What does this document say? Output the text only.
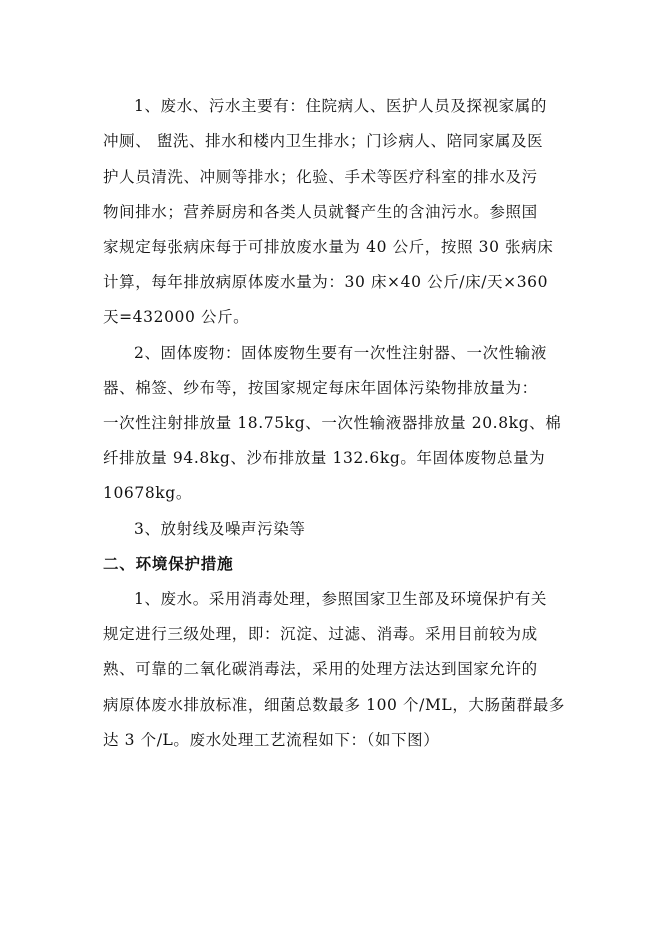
1、废水、污水主要有：住院病人、医护人员及探视家属的
冲厕、 盥洗、排水和楼内卫生排水；门诊病人、陪同家属及医
护人员清洗、冲厕等排水；化验、手术等医疗科室的排水及污
物间排水；营养厨房和各类人员就餐产生的含油污水。参照国
家规定每张病床每于可排放废水量为 40 公斤，按照 30 张病床
计算，每年排放病原体废水量为：30 床×40 公斤/床/天×360
天=432000 公斤。
2、固体废物：固体废物生要有一次性注射器、一次性输液
器、棉签、纱布等，按国家规定每床年固体污染物排放量为：
一次性注射排放量 18.75kg、一次性输液器排放量 20.8kg、棉
纤排放量 94.8kg、沙布排放量 132.6kg。年固体废物总量为
10678kg。
3、放射线及噪声污染等
二、环境保护措施
1、废水。采用消毒处理，参照国家卫生部及环境保护有关
规定进行三级处理，即：沉淀、过滤、消毒。采用目前较为成
熟、可靠的二氧化碳消毒法，采用的处理方法达到国家允许的
病原体废水排放标准，细菌总数最多 100 个/ML，大肠菌群最多
达 3 个/L。废水处理工艺流程如下：（如下图）
